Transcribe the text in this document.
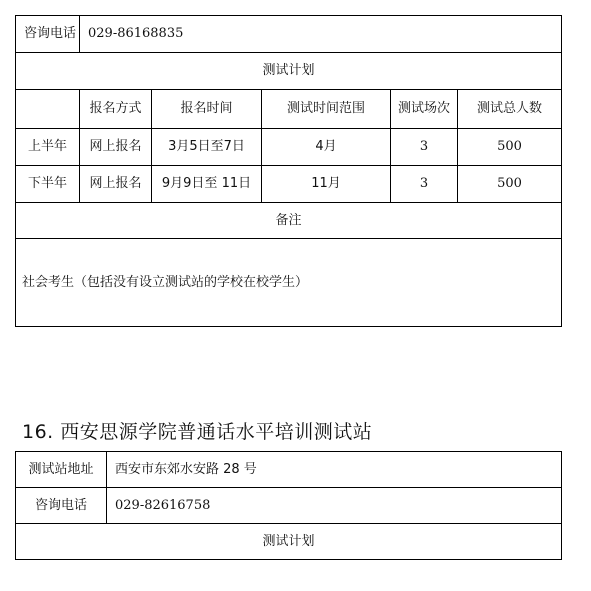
咨询电话	029-86168835				
测试计划					
	报名方式	报名时间	测试时间范围	测试场次	测试总人数
上半年	网上报名	3月5日至7日	4月	3	500
下半年	网上报名	9月9日至 11日	11月	3	500
备注					
社会考生（包括没有设立测试站的学校在校学生）					
16. 西安思源学院普通话水平培训测试站
测试站地址	西安市东郊水安路 28 号
咨询电话	029-82616758
测试计划	
